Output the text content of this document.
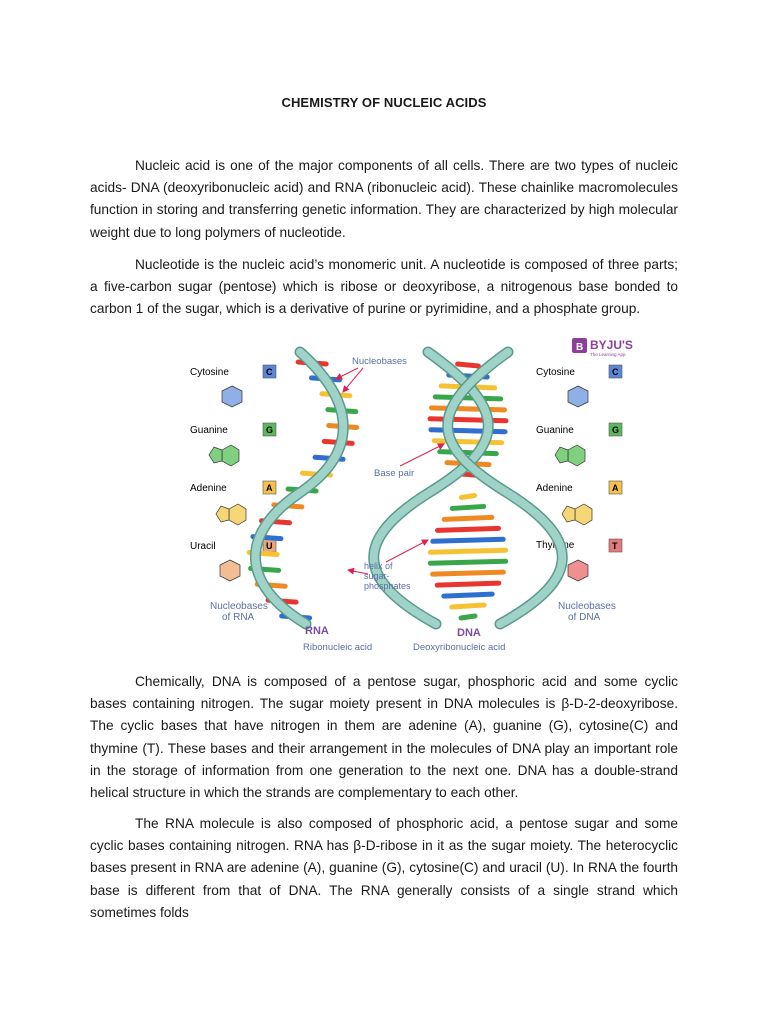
CHEMISTRY OF NUCLEIC ACIDS

Nucleic acid is one of the major components of all cells. There are two types of nucleic acids- DNA (deoxyribonucleic acid) and RNA (ribonucleic acid). These chainlike macromolecules function in storing and transferring genetic information. They are characterized by high molecular weight due to long polymers of nucleotide.

Nucleotide is the nucleic acid’s monomeric unit. A nucleotide is composed of three parts; a five-carbon sugar (pentose) which is ribose or deoxyribose, a nitrogenous base bonded to carbon 1 of the sugar, which is a derivative of purine or pyrimidine, and a phosphate group.

B BYJU'S
The Learning App
Cytosine	C
Guanine	G
Adenine	A
Uracil	U
Nucleobases
of RNA
Cytosine	C
Guanine	G
Adenine	A
Thymine	T
Nucleobases
of DNA
Nucleobases
Base pair
helix of
sugar-
phosphates
RNA
Ribonucleic acid
DNA
Deoxyribonucleic acid

Chemically, DNA is composed of a pentose sugar, phosphoric acid and some cyclic bases containing nitrogen. The sugar moiety present in DNA molecules is β-D-2-deoxyribose. The cyclic bases that have nitrogen in them are adenine (A), guanine (G), cytosine(C) and thymine (T). These bases and their arrangement in the molecules of DNA play an important role in the storage of information from one generation to the next one. DNA has a double-strand helical structure in which the strands are complementary to each other.

The RNA molecule is also composed of phosphoric acid, a pentose sugar and some cyclic bases containing nitrogen. RNA has β-D-ribose in it as the sugar moiety. The heterocyclic bases present in RNA are adenine (A), guanine (G), cytosine(C) and uracil (U). In RNA the fourth base is different from that of DNA. The RNA generally consists of a single strand which sometimes folds
